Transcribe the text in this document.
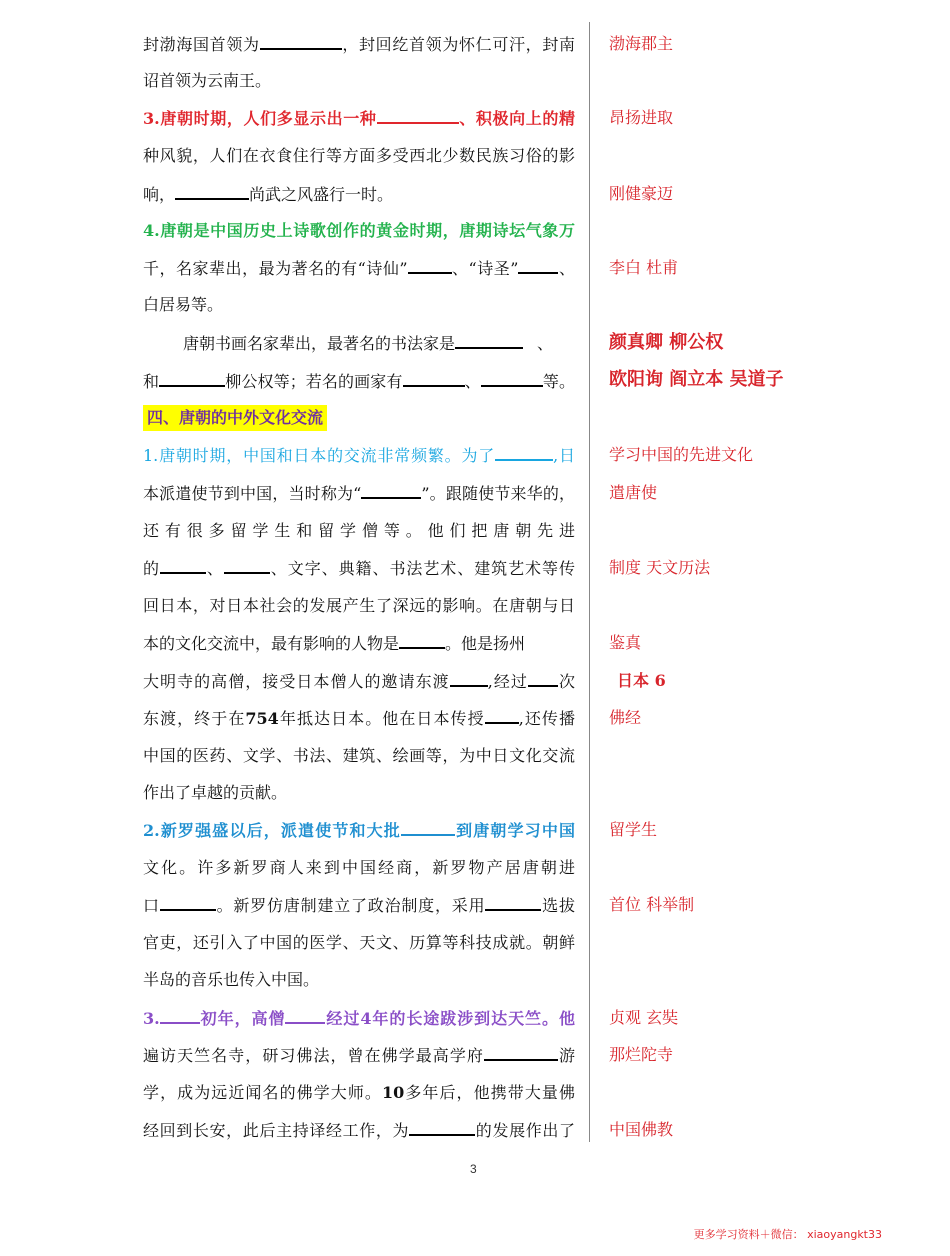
封渤海国首领为	，封回纥首领为怀仁可汗，封南
诏首领为云南王。
3.唐朝时期，人们多显示出一种	、积极向上的精
种风貌，人们在衣食住行等方面多受西北少数民族习俗的影
响，	尚武之风盛行一时。
4.唐朝是中国历史上诗歌创作的黄金时期，唐期诗坛气象万
千，名家辈出，最为著名的有“诗仙”	、“诗圣”	、
白居易等。
唐朝书画名家辈出，最著名的书法家是	、
和	柳公权等；若名的画家有	、	等。
四、唐朝的中外文化交流
1.唐朝时期，中国和日本的交流非常频繁。为了	,日
本派遣使节到中国，当时称为“	”。跟随使节来华的，
还有很多留学生和留学僧等。他们把唐朝先进
的	、	、文字、典籍、书法艺术、建筑艺术等传
回日本，对日本社会的发展产生了深远的影响。在唐朝与日
本的文化交流中，最有影响的人物是	。他是扬州
大明寺的高僧，接受日本僧人的邀请东渡 ,经过 次
东渡，终于在754年抵达日本。他在日本传授 ,还传播
中国的医药、文学、书法、建筑、绘画等，为中日文化交流
作出了卓越的贡献。
2.新罗强盛以后，派遣使节和大批	到唐朝学习中国
文化。许多新罗商人来到中国经商，新罗物产居唐朝进
口	。新罗仿唐制建立了政治制度，采用	选拔
官吏，还引入了中国的医学、天文、历算等科技成就。朝鲜
半岛的音乐也传入中国。
3.	初年，高僧	经过4年的长途跋涉到达天竺。他
遍访天竺名寺，研习佛法，曾在佛学最高学府	游
学，成为远近闻名的佛学大师。10多年后，他携带大量佛
经回到长安，此后主持译经工作，为	的发展作出了
渤海郡主
昂扬进取
刚健豪迈
李白 杜甫
颜真卿 柳公权
欧阳询 阎立本 吴道子
学习中国的先进文化
遣唐使
制度 天文历法
鉴真
日本 6
佛经
留学生
首位 科举制
贞观 玄奘
那烂陀寺
中国佛教
3
更多学习资料＋微信： xiaoyangkt33
